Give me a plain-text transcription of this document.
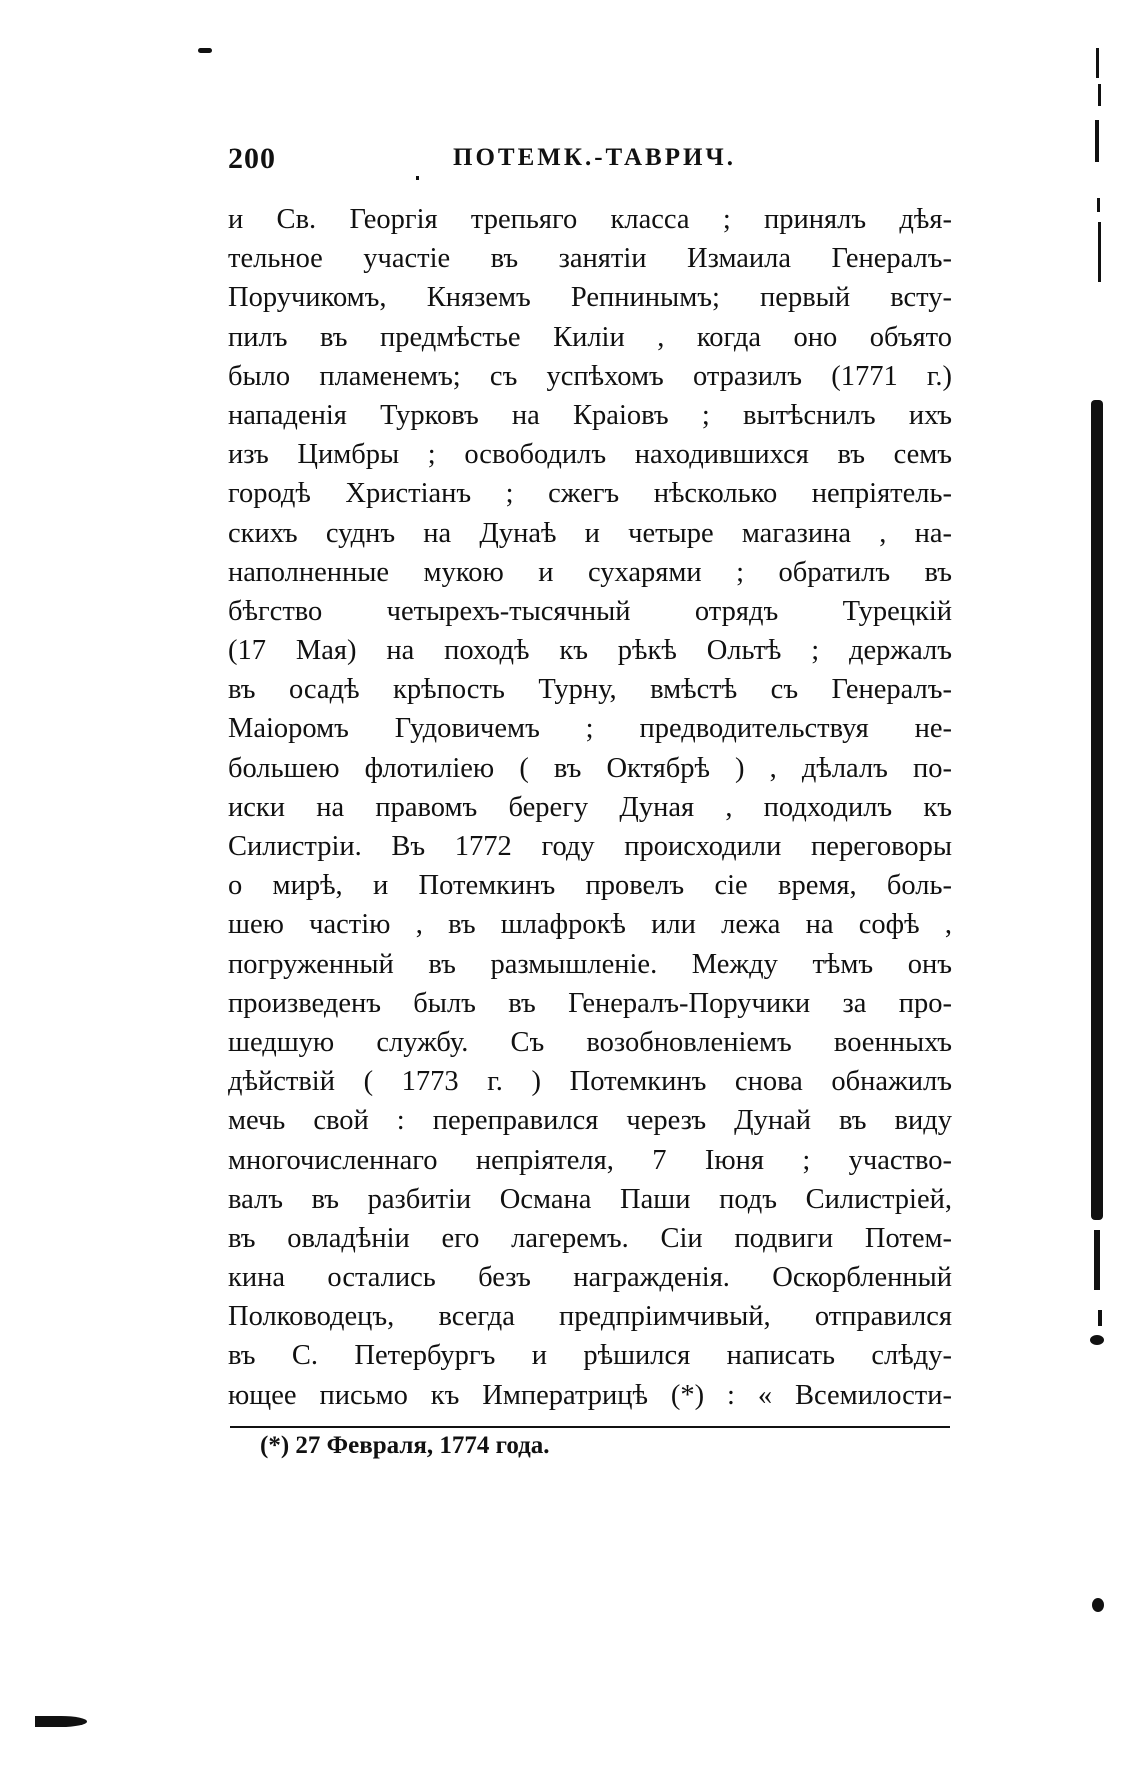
200	ПОТЕМК.-ТАВРИЧ.
и Св. Георгія трепьяго класса ; принялъ дѣя-
тельное участіе въ занятіи Измаила Генералъ-
Поручикомъ, Княземъ Репнинымъ; первый всту-
пилъ въ предмѣстье Киліи , когда оно объято
было пламенемъ; съ успѣхомъ отразилъ (1771 г.)
нападенія Турковъ на Краіовъ ; вытѣснилъ ихъ
изъ Цимбры ; освободилъ находившихся въ семъ
городѣ Христіанъ ; сжегъ нѣсколько непріятель-
скихъ суднъ на Дунаѣ и четыре магазина , на-
наполненные мукою и сухарями ; обратилъ въ
бѣгство четырехъ-тысячный отрядъ Турецкій
(17 Мая) на походѣ къ рѣкѣ Ольтѣ ; держалъ
въ осадѣ крѣпость Турну, вмѣстѣ съ Генералъ-
Маіоромъ Гудовичемъ ; предводительствуя не-
большею флотиліею ( въ Октябрѣ ) , дѣлалъ по-
иски на правомъ берегу Дуная , подходилъ къ
Силистріи. Въ 1772 году происходили переговоры
о мирѣ, и Потемкинъ провелъ сіе время, боль-
шею частію , въ шлафрокѣ или лежа на софѣ ,
погруженный въ размышленіе. Между тѣмъ онъ
произведенъ былъ въ Генералъ-Поручики за про-
шедшую службу. Съ возобновленіемъ военныхъ
дѣйствій ( 1773 г. ) Потемкинъ снова обнажилъ
мечь свой : переправился черезъ Дунай въ виду
многочисленнаго непріятеля, 7 Іюня ; участво-
валъ въ разбитіи Османа Паши подъ Силистріей,
въ овладѣніи его лагеремъ. Сіи подвиги Потем-
кина остались безъ награжденія. Оскорбленный
Полководецъ, всегда предпріимчивый, отправился
въ С. Петербургъ и рѣшился написать слѣду-
ющее письмо къ Императрицѣ (*) : « Всемилости-
(*) 27 Февраля, 1774 года.
